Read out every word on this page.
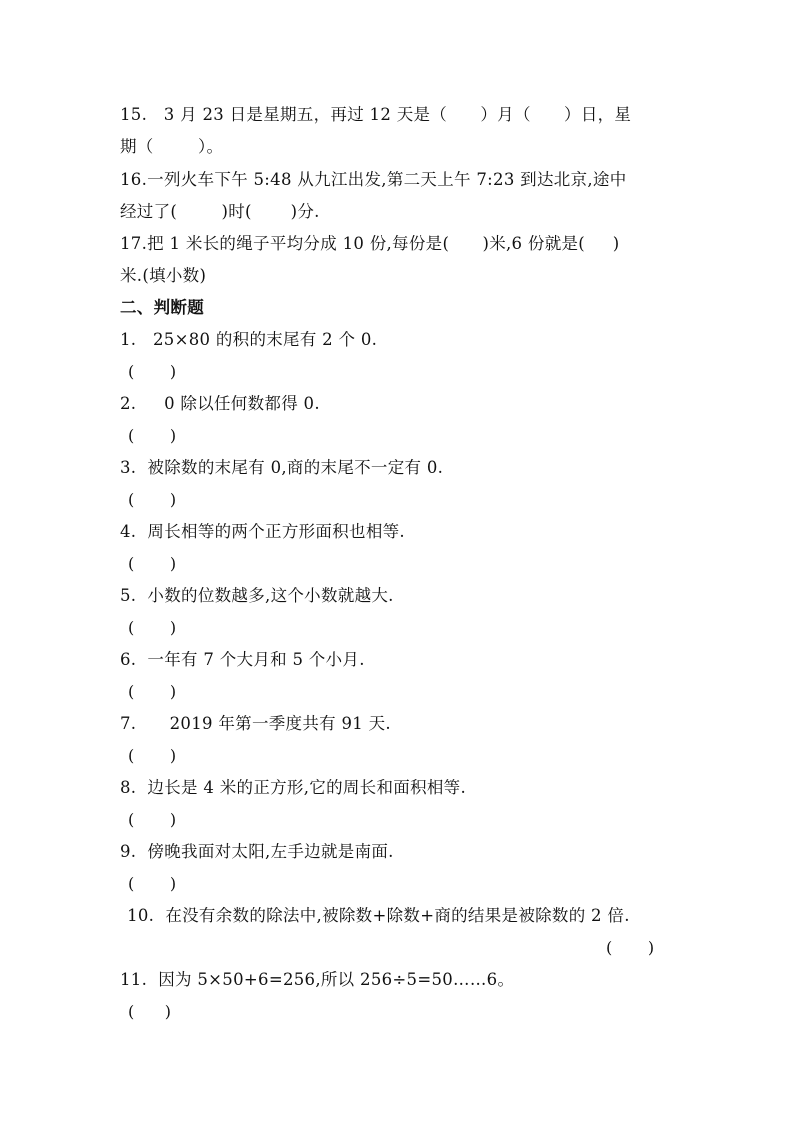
15.   3 月 23 日是星期五，再过 12 天是（      ）月（      ）日，星
期（        ）。
16.一列火车下午 5:48 从九江出发,第二天上午 7:23 到达北京,途中
经过了(        )时(       )分.
17.把 1 米长的绳子平均分成 10 份,每份是(      )米,6 份就是(     )
米.(填小数)
二、判断题
1.   25×80 的积的末尾有 2 个 0.
(       )
2.     0 除以任何数都得 0.
(       )
3.  被除数的末尾有 0,商的末尾不一定有 0.
(       )
4.  周长相等的两个正方形面积也相等.
(       )
5.  小数的位数越多,这个小数就越大.
(       )
6.  一年有 7 个大月和 5 个小月.
(       )
7.      2019 年第一季度共有 91 天.
(       )
8.  边长是 4 米的正方形,它的周长和面积相等.
(       )
9.  傍晚我面对太阳,左手边就是南面.
(       )
10.  在没有余数的除法中,被除数+除数+商的结果是被除数的 2 倍.
(       )
11.  因为 5×50+6=256,所以 256÷5=50……6。
(      )
